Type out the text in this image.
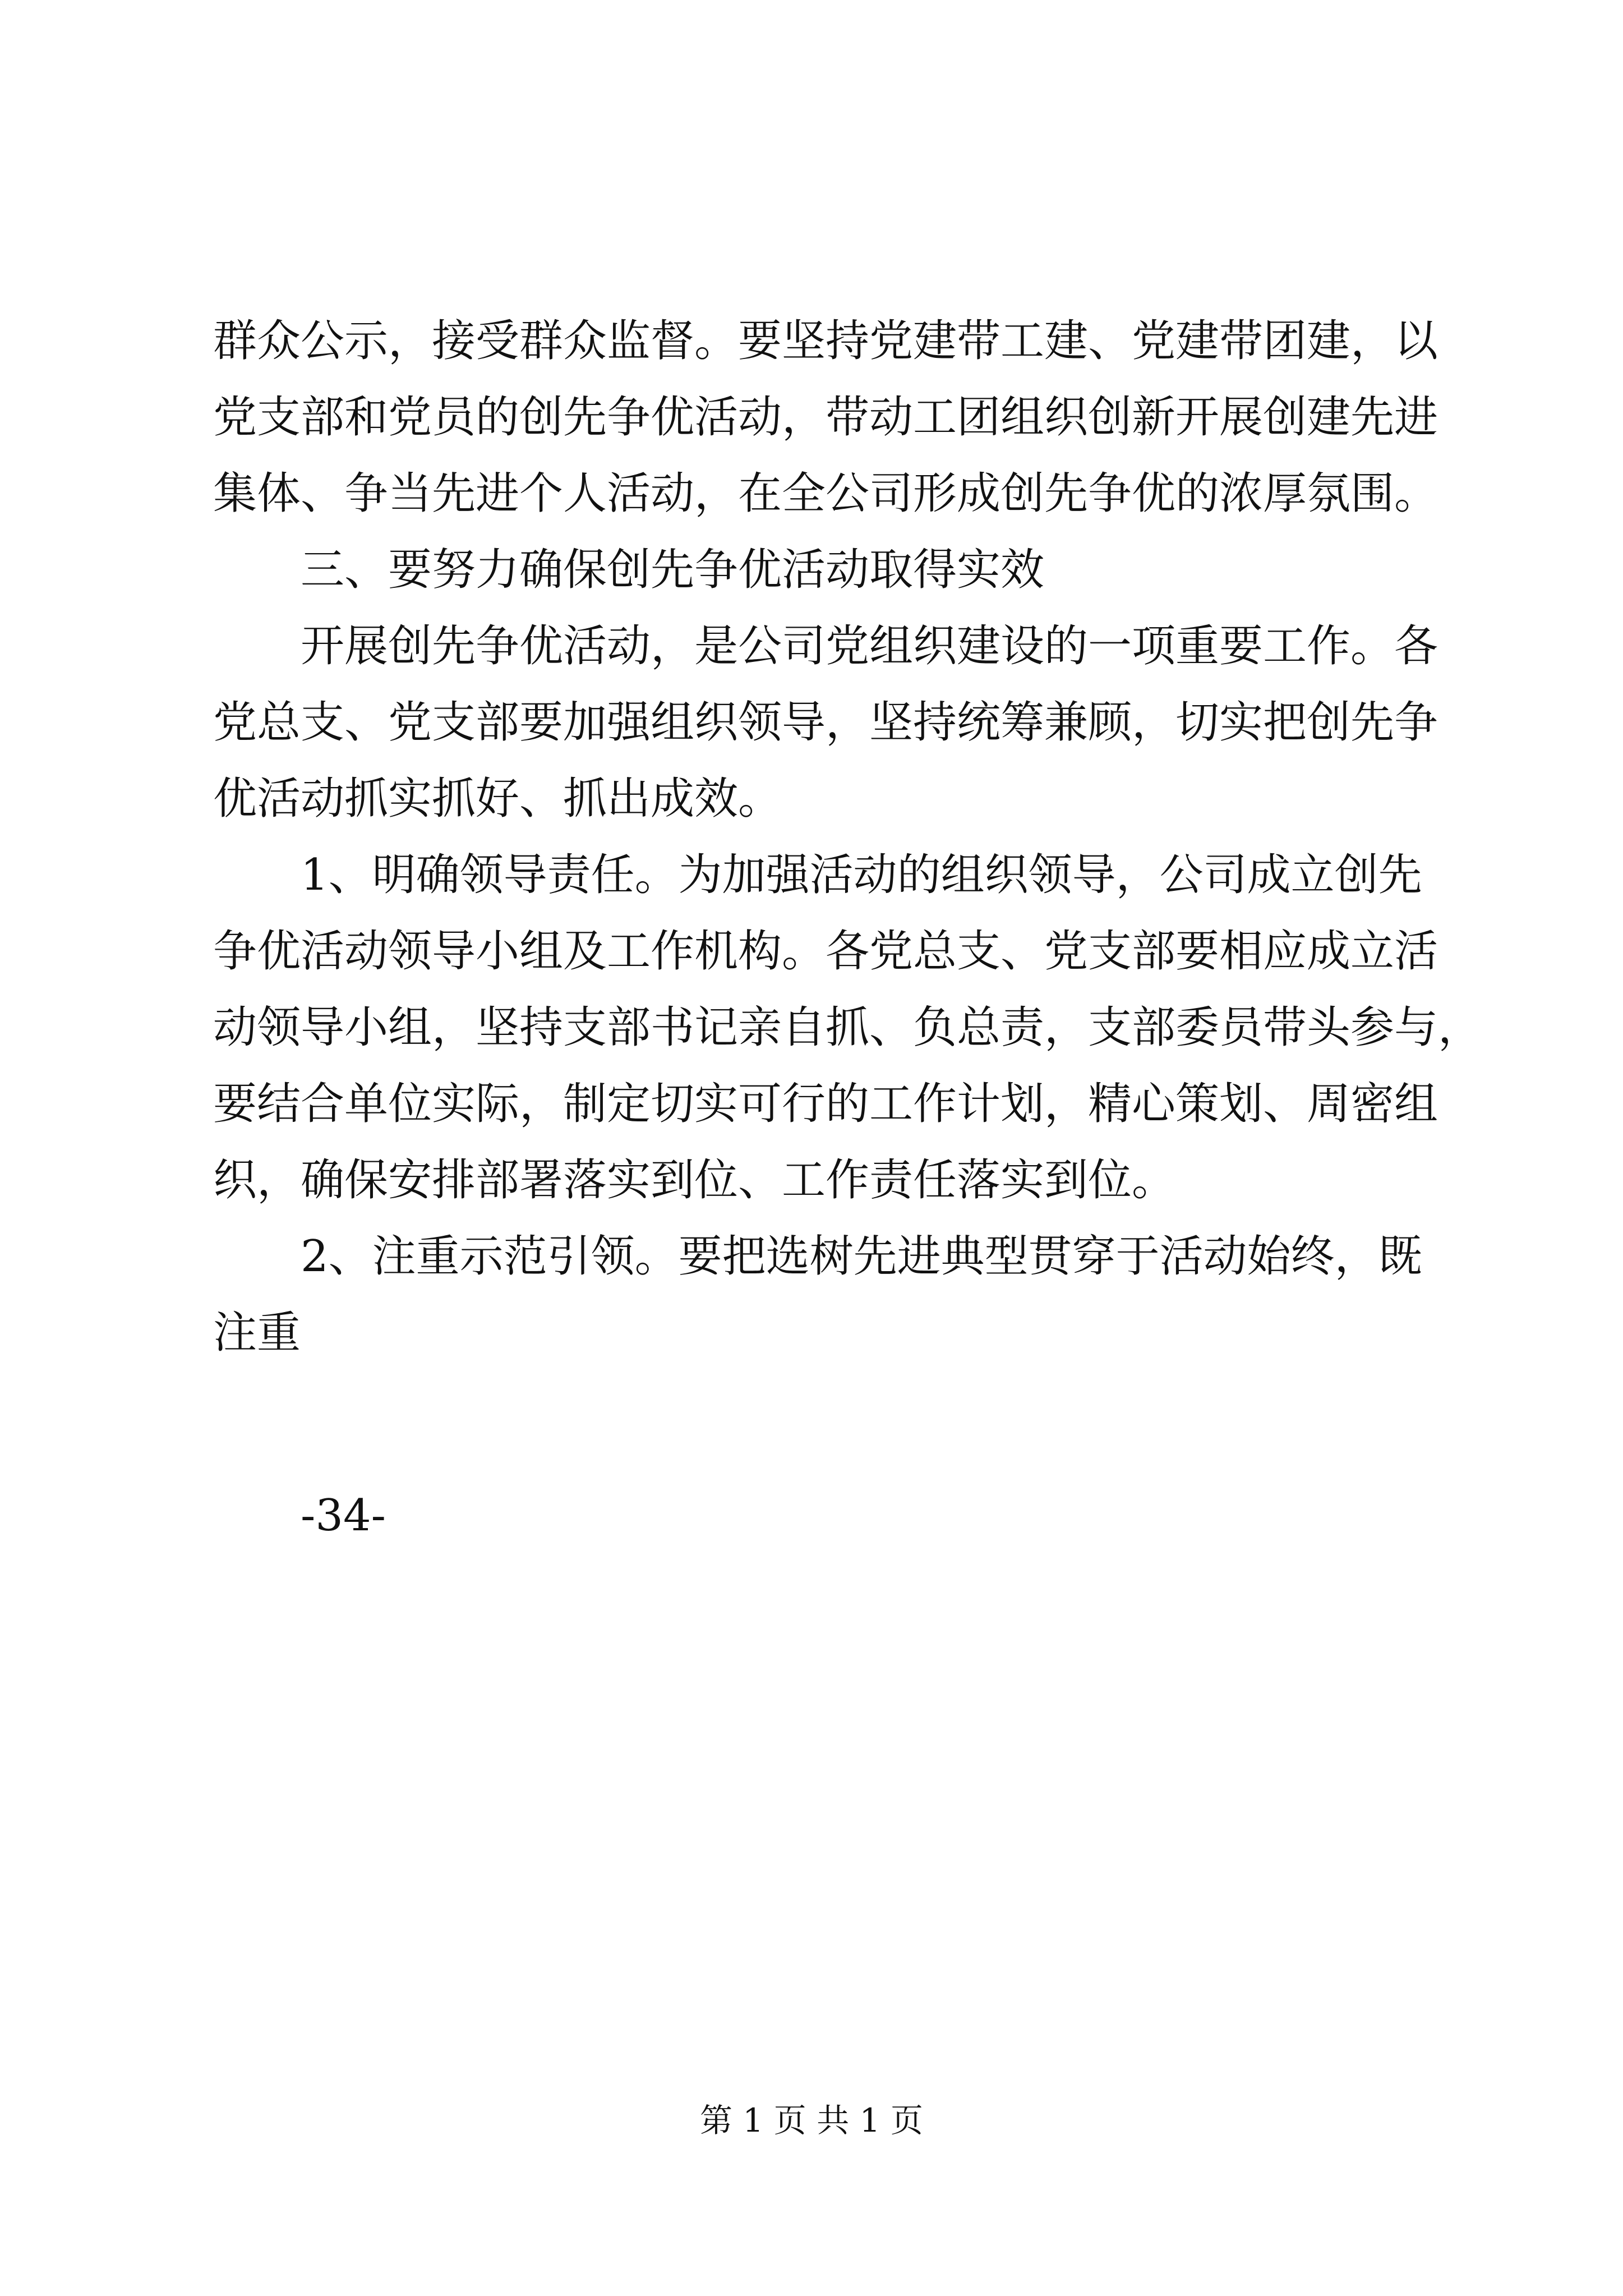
群众公示，接受群众监督。要坚持党建带工建、党建带团建，以
党支部和党员的创先争优活动，带动工团组织创新开展创建先进
集体、争当先进个人活动，在全公司形成创先争优的浓厚氛围。
三、要努力确保创先争优活动取得实效
开展创先争优活动，是公司党组织建设的一项重要工作。各
党总支、党支部要加强组织领导，坚持统筹兼顾，切实把创先争
优活动抓实抓好、抓出成效。
1、明确领导责任。为加强活动的组织领导，公司成立创先
争优活动领导小组及工作机构。各党总支、党支部要相应成立活
动领导小组，坚持支部书记亲自抓、负总责，支部委员带头参与，
要结合单位实际，制定切实可行的工作计划，精心策划、周密组
织，确保安排部署落实到位、工作责任落实到位。
2、注重示范引领。要把选树先进典型贯穿于活动始终，既
注重
-34-
第 1 页 共 1 页
